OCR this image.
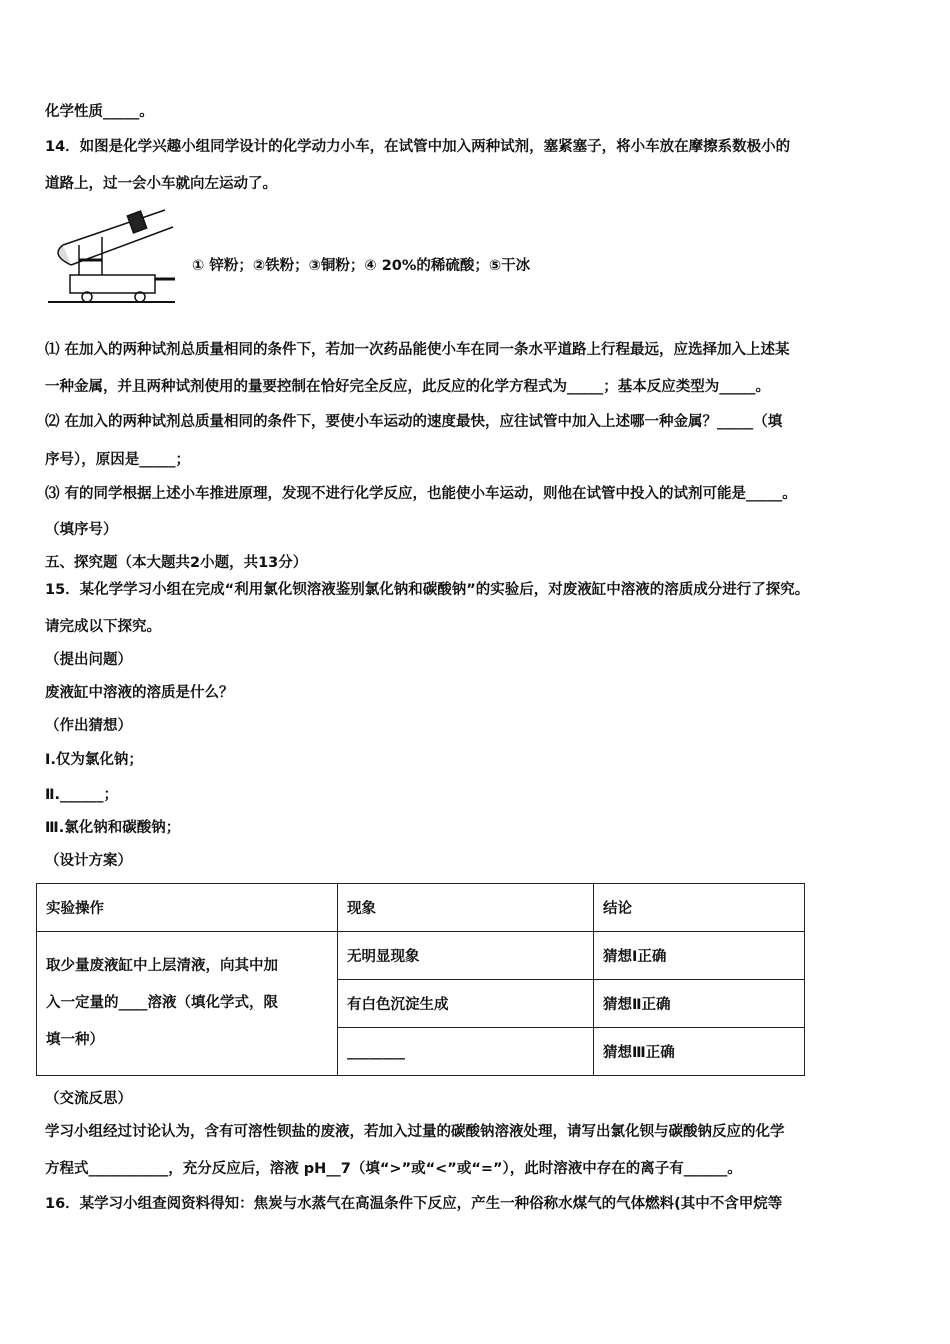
化学性质_____。
14．如图是化学兴趣小组同学设计的化学动力小车，在试管中加入两种试剂，塞紧塞子，将小车放在摩擦系数极小的
道路上，过一会小车就向左运动了。
① 锌粉；②铁粉；③铜粉；④ 20%的稀硫酸；⑤干冰
⑴ 在加入的两种试剂总质量相同的条件下，若加一次药品能使小车在同一条水平道路上行程最远，应选择加入上述某
一种金属，并且两种试剂使用的量要控制在恰好完全反应，此反应的化学方程式为_____；基本反应类型为_____。
⑵ 在加入的两种试剂总质量相同的条件下，要使小车运动的速度最快，应往试管中加入上述哪一种金属？_____（填
序号），原因是_____；
⑶ 有的同学根据上述小车推进原理，发现不进行化学反应，也能使小车运动，则他在试管中投入的试剂可能是_____。
（填序号）
五、探究题（本大题共2小题，共13分）
15．某化学学习小组在完成“利用氯化钡溶液鉴别氯化钠和碳酸钠”的实验后，对废液缸中溶液的溶质成分进行了探究。
请完成以下探究。
（提出问题）
废液缸中溶液的溶质是什么？
（作出猜想）
I.仅为氯化钠；
Ⅱ.______；
Ⅲ.氯化钠和碳酸钠；
（设计方案）
实验操作	现象	结论

取少量废液缸中上层清液，向其中加
入一定量的____溶液（填化学式，限
填一种）	无明显现象	猜想Ⅰ正确
	有白色沉淀生成	猜想Ⅱ正确
	________	猜想Ⅲ正确
（交流反思）
学习小组经过讨论认为，含有可溶性钡盐的废液，若加入过量的碳酸钠溶液处理，请写出氯化钡与碳酸钠反应的化学
方程式___________，充分反应后，溶液 pH__7（填“>”或“<”或“=”），此时溶液中存在的离子有______。
16．某学习小组查阅资料得知：焦炭与水蒸气在高温条件下反应，产生一种俗称水煤气的气体燃料(其中不含甲烷等
